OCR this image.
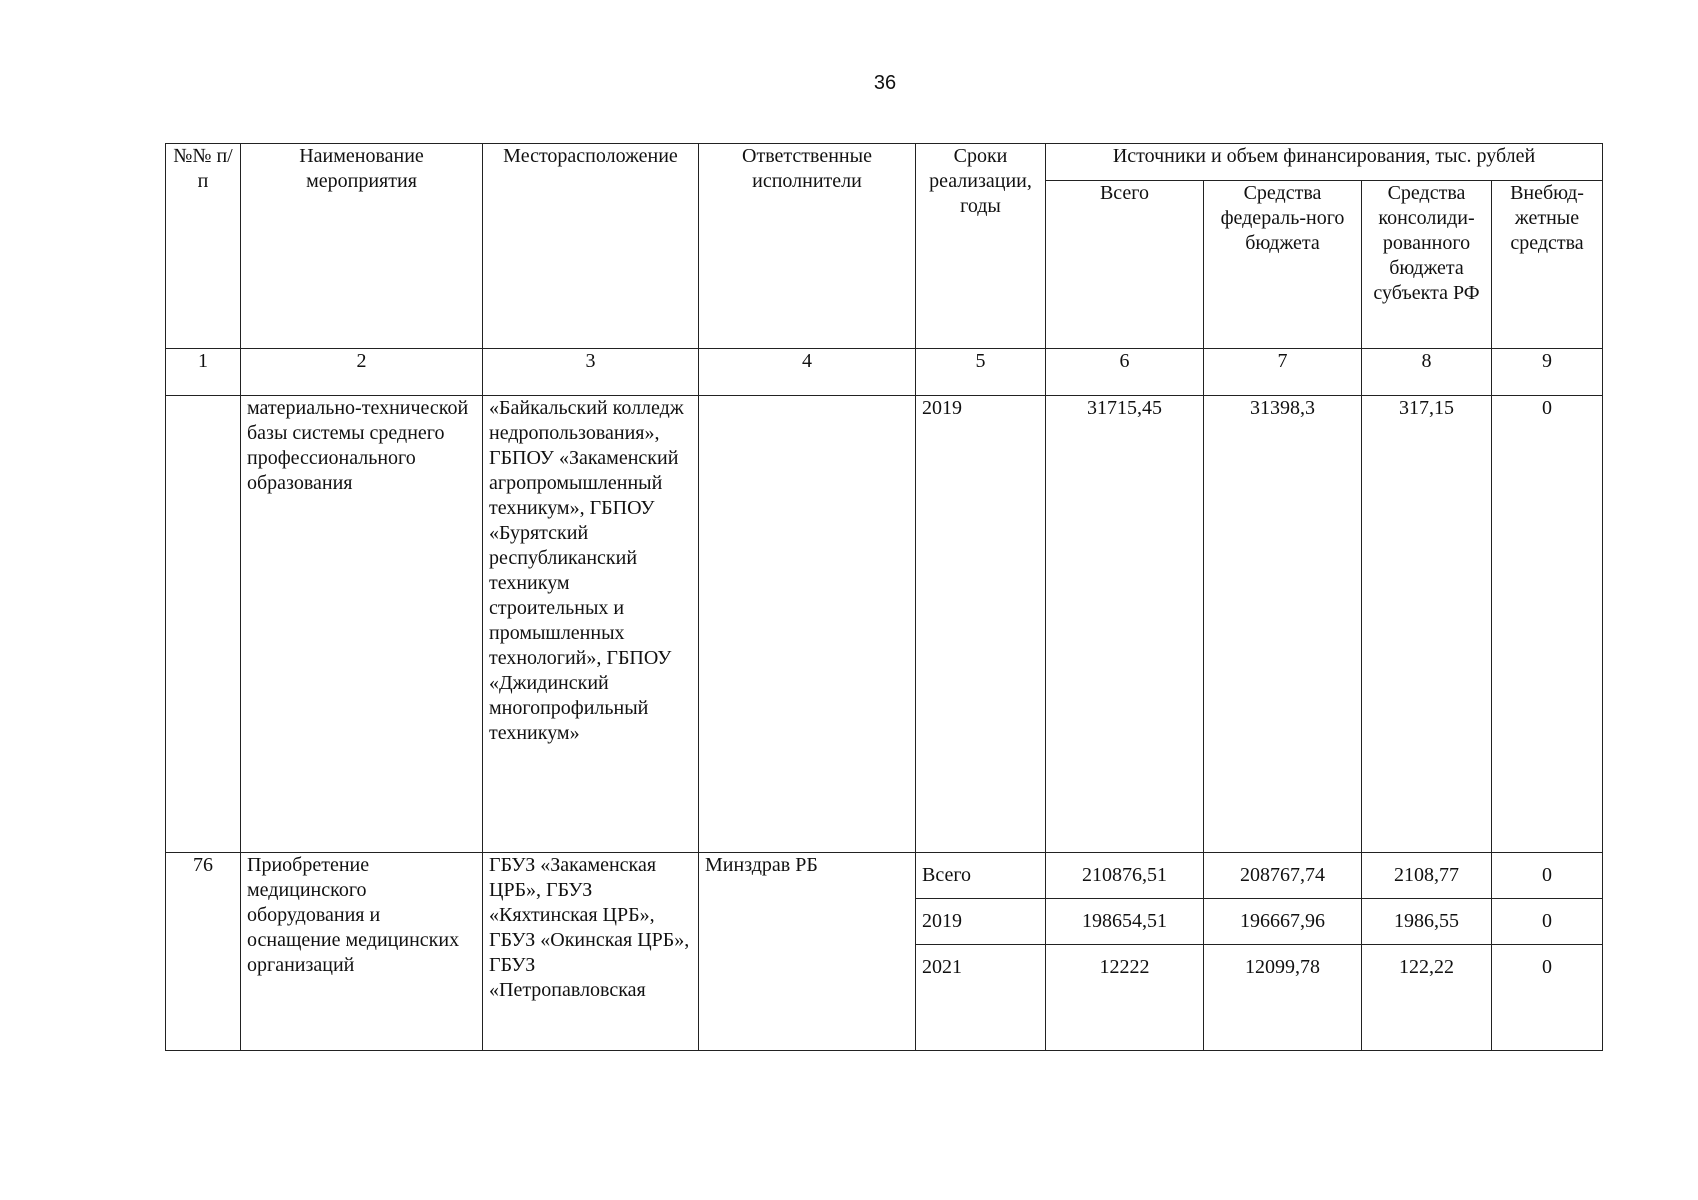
36
№№ п/п	Наименование мероприятия	Месторасположение	Ответственные исполнители	Сроки реализации, годы	Источники и объем финансирования, тыс. рублей			
					Всего	Средства федераль-ного бюджета	Средства консолиди-рованного бюджета субъекта РФ	Внебюд-жетные средства
1	2	3	4	5	6	7	8	9
	материально-технической базы системы среднего профессионального образования	«Байкальский колледж недропользования», ГБПОУ «Закаменский агропромышленный техникум», ГБПОУ «Бурятский республиканский техникум строительных и промышленных технологий», ГБПОУ «Джидинский многопрофильный техникум»		2019	31715,45	31398,3	317,15	0
76	Приобретение медицинского оборудования и оснащение медицинских организаций	ГБУЗ «Закаменская ЦРБ», ГБУЗ «Кяхтинская ЦРБ», ГБУЗ «Окинская ЦРБ», ГБУЗ «Петропавловская	Минздрав РБ	Всего	210876,51	208767,74	2108,77	0
				2019	198654,51	196667,96	1986,55	0
				2021	12222	12099,78	122,22	0
